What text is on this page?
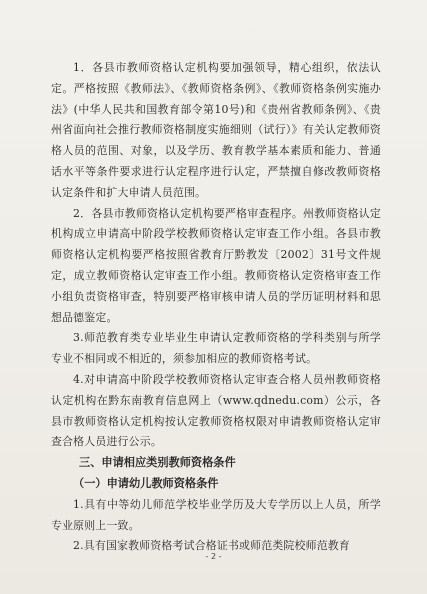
1．各县市教师资格认定机构要加强领导，精心组织，依法认定。严格按照《教师法》、《教师资格条例》、《教师资格条例实施办法》(中华人民共和国教育部令第10号)和《贵州省教师条例》、《贵州省面向社会推行教师资格制度实施细则（试行）》有关认定教师资格人员的范围、对象，以及学历、教育教学基本素质和能力、普通话水平等条件要求进行认定程序进行认定，严禁擅自修改教师资格认定条件和扩大申请人员范围。

2．各县市教师资格认定机构要严格审查程序。州教师资格认定机构成立申请高中阶段学校教师资格认定审查工作小组。各县市教师资格认定机构要严格按照省教育厅黔教发〔2002〕31号文件规定，成立教师资格认定审查工作小组。教师资格认定资格审查工作小组负责资格审查，特别要严格审核申请人员的学历证明材料和思想品德鉴定。

3.师范教育类专业毕业生申请认定教师资格的学科类别与所学专业不相同或不相近的，须参加相应的教师资格考试。

4.对申请高中阶段学校教师资格认定审查合格人员州教师资格认定机构在黔东南教育信息网上（www.qdnedu.com）公示，各县市教师资格认定机构按认定教师资格权限对申请教师资格认定审查合格人员进行公示。

三、申请相应类别教师资格条件

（一）申请幼儿教师资格条件

1.具有中等幼儿师范学校毕业学历及大专学历以上人员，所学专业原则上一致。

2.具有国家教师资格考试合格证书或师范类院校师范教育

- 2 -
